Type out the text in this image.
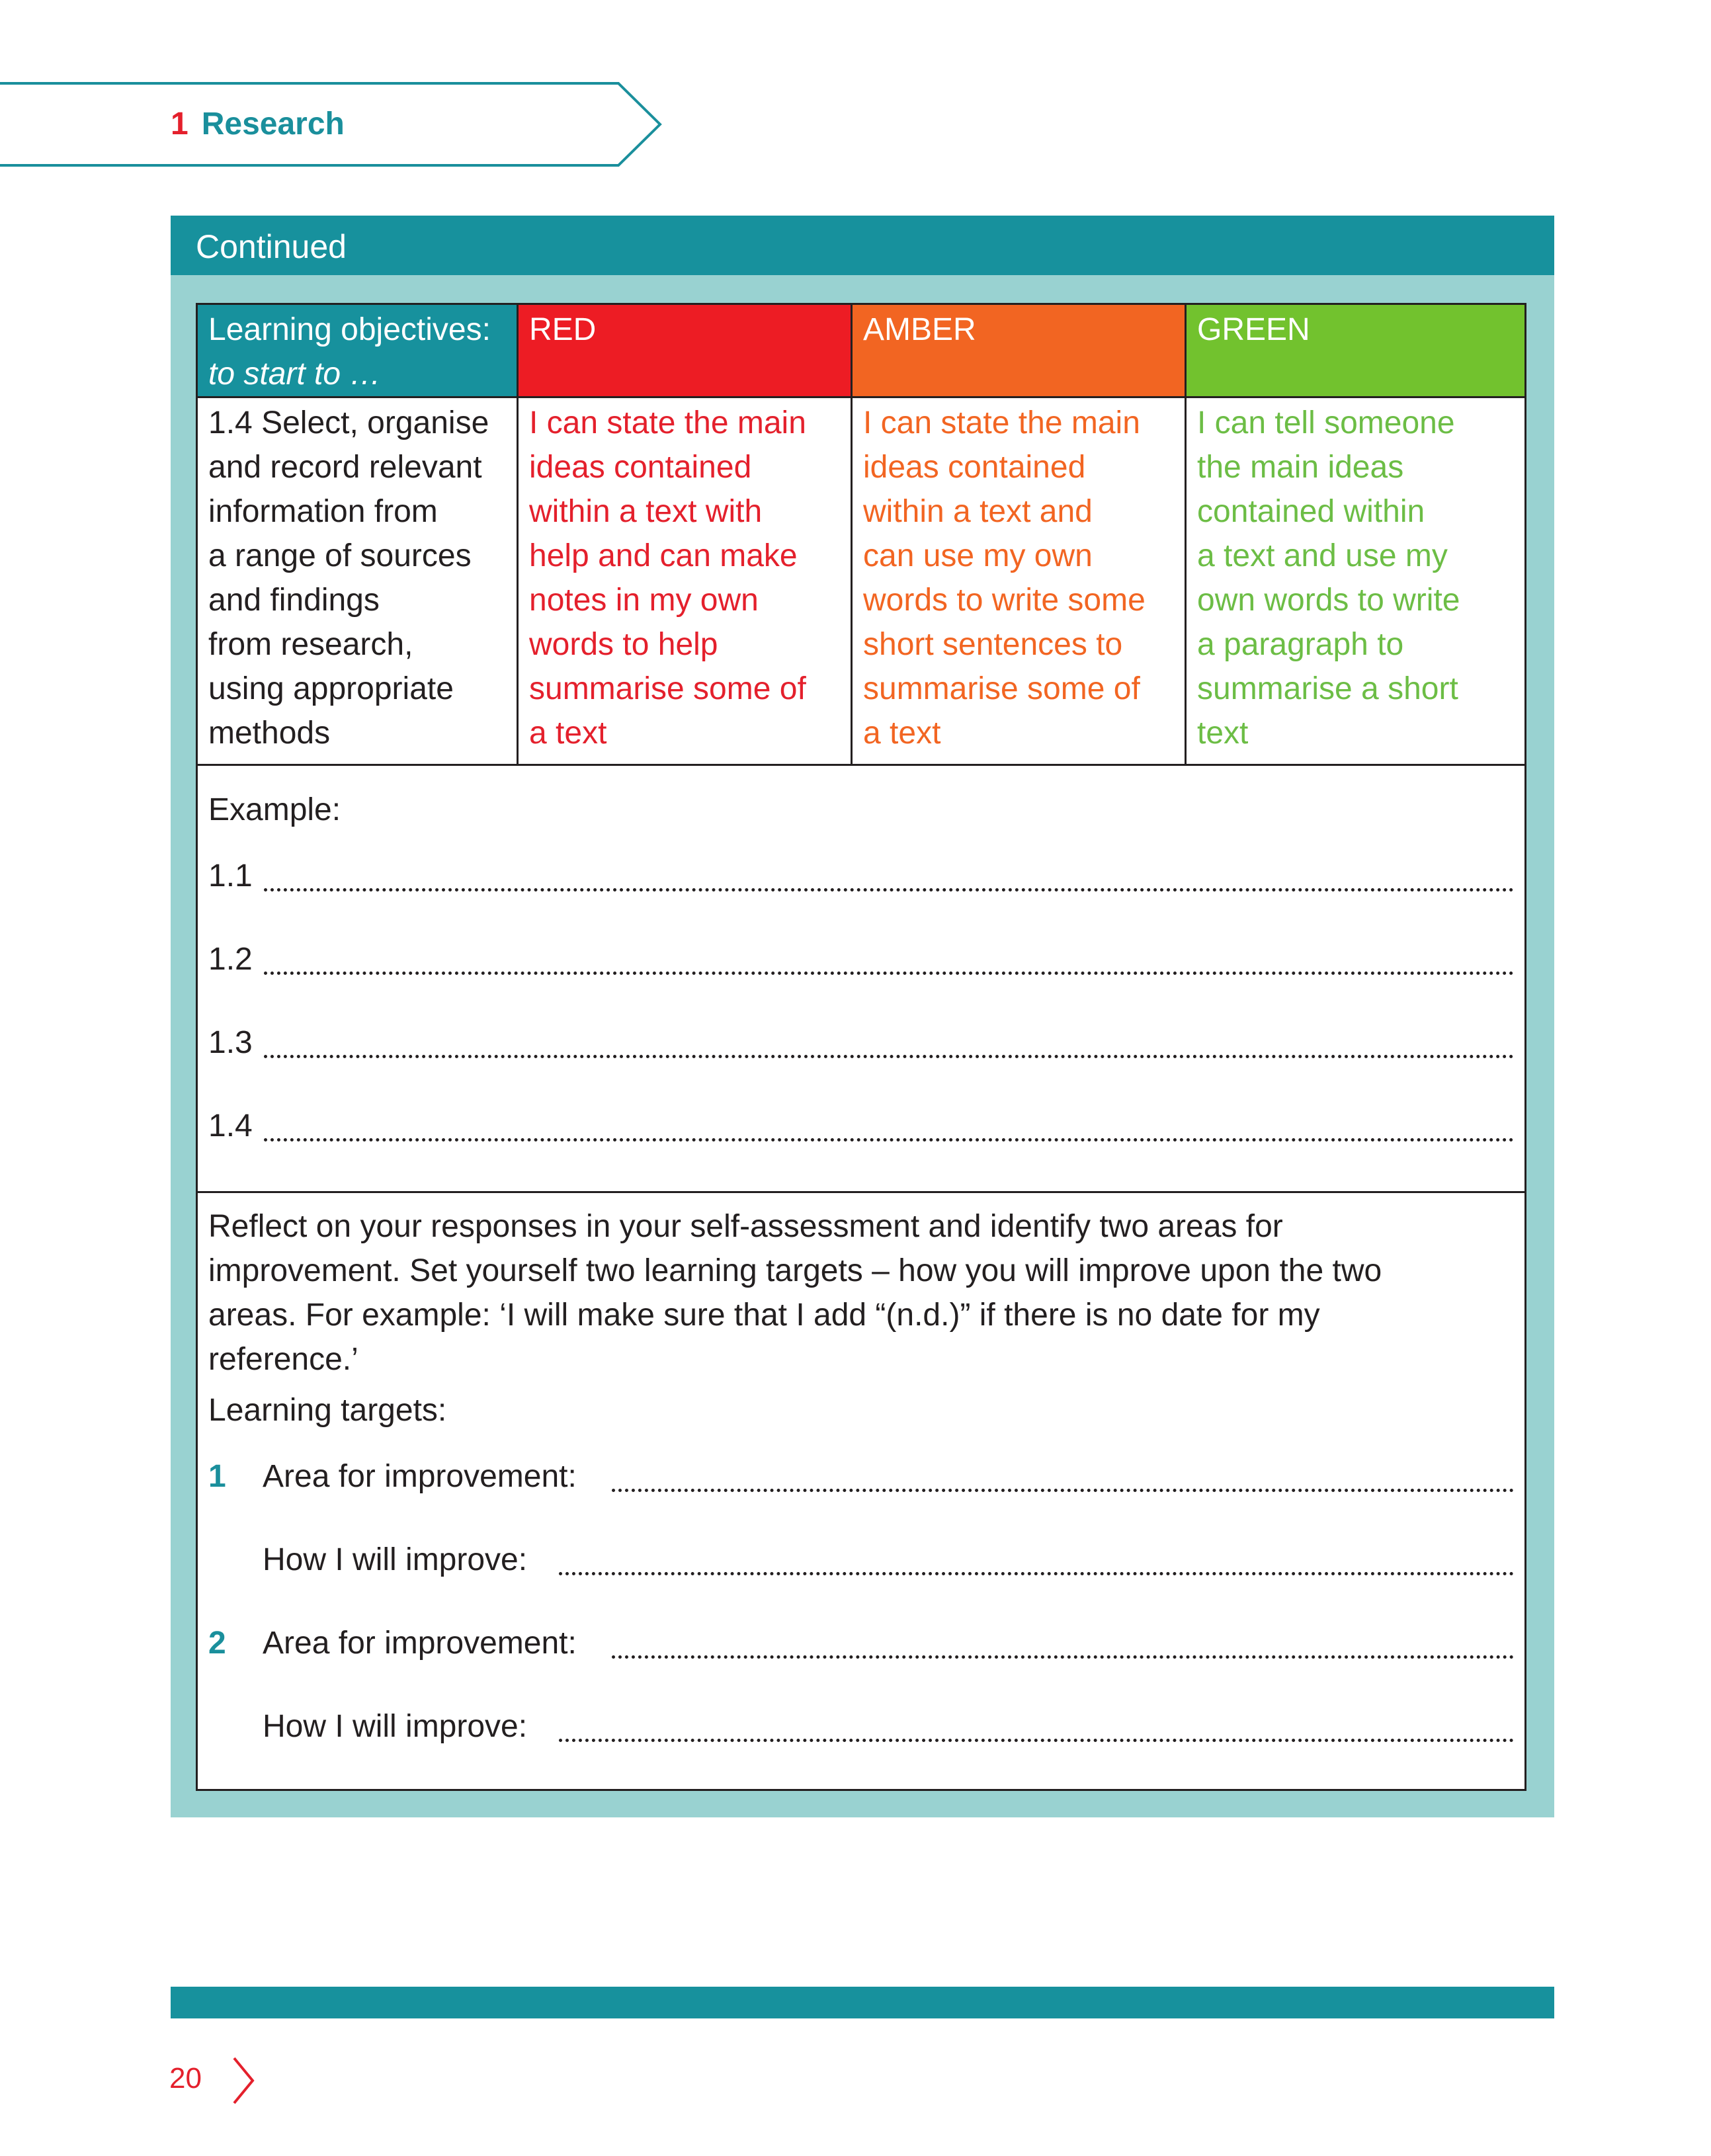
1 Research
Continued
Learning objectives:
to start to …
RED	AMBER	GREEN
1.4 Select, organise
and record relevant
information from
a range of sources
and findings
from research,
using appropriate
methods
I can state the main
ideas contained
within a text with
help and can make
notes in my own
words to help
summarise some of
a text
I can state the main
ideas contained
within a text and
can use my own
words to write some
short sentences to
summarise some of
a text
I can tell someone
the main ideas
contained within
a text and use my
own words to write
a paragraph to
summarise a short
text
Example:
1.1
1.2
1.3
1.4
Reflect on your responses in your self-assessment and identify two areas for improvement. Set yourself two learning targets – how you will improve upon the two areas. For example: ‘I will make sure that I add “(n.d.)” if there is no date for my reference.’
Learning targets:
1 Area for improvement:
How I will improve:
2 Area for improvement:
How I will improve:
20
